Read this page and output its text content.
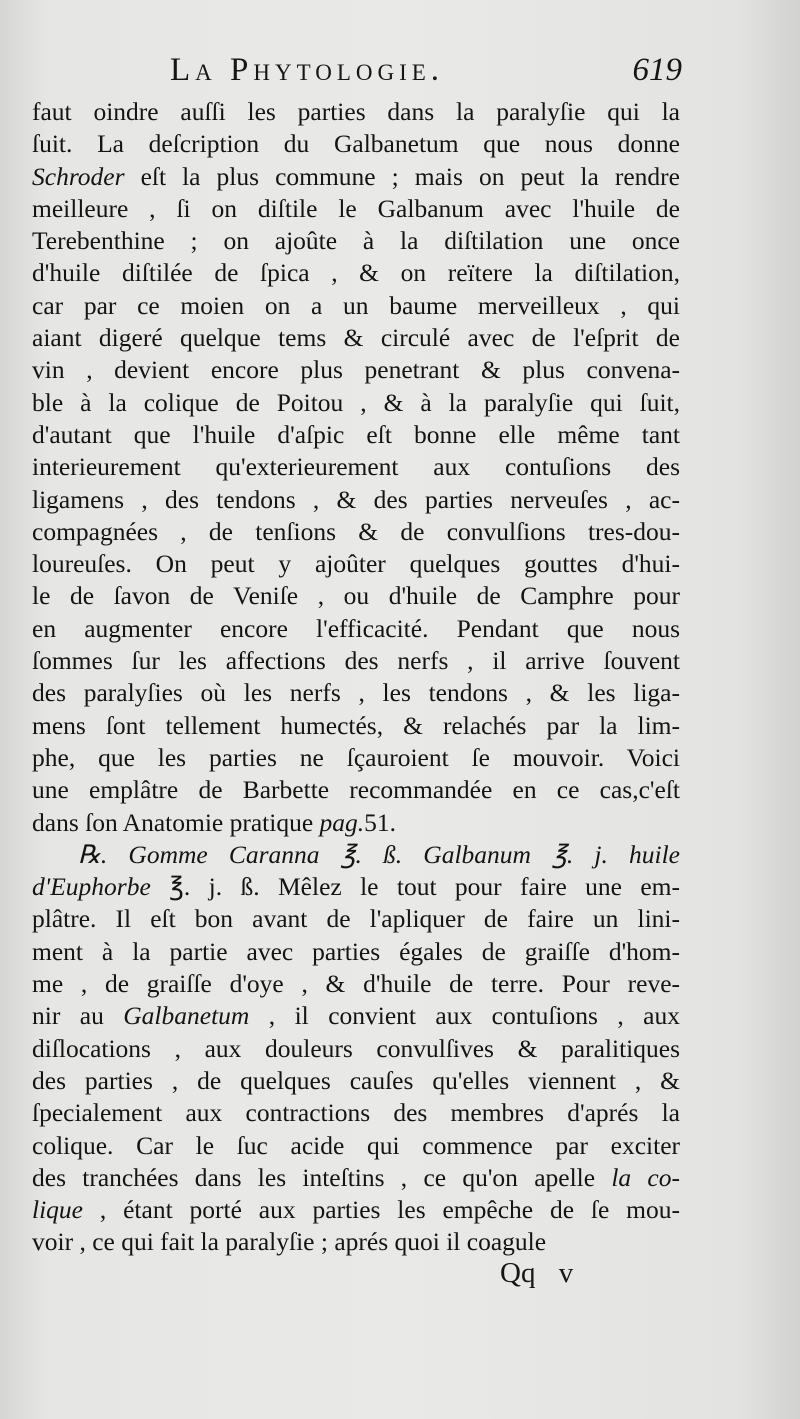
La Phytologie.	619
faut oindre auſſi les parties dans la paralyſie qui la
ſuit. La deſcription du Galbanetum que nous donne
Schroder eſt la plus commune ; mais on peut la rendre
meilleure , ſi on diſtile le Galbanum avec l'huile de
Terebenthine ; on ajoûte à la diſtilation une once
d'huile diſtilée de ſpica , & on reïtere la diſtilation,
car par ce moien on a un baume merveilleux , qui
aiant digeré quelque tems & circulé avec de l'eſprit de
vin , devient encore plus penetrant & plus convena-
ble à la colique de Poitou , & à la paralyſie qui ſuit,
d'autant que l'huile d'aſpic eſt bonne elle même tant
interieurement qu'exterieurement aux contuſions des
ligamens , des tendons , & des parties nerveuſes , ac-
compagnées , de tenſions & de convulſions tres-dou-
loureuſes. On peut y ajoûter quelques gouttes d'hui-
le de ſavon de Veniſe , ou d'huile de Camphre pour
en augmenter encore l'efficacité. Pendant que nous
ſommes ſur les affections des nerfs , il arrive ſouvent
des paralyſies où les nerfs , les tendons , & les liga-
mens ſont tellement humectés, & relachés par la lim-
phe, que les parties ne ſçauroient ſe mouvoir. Voici
une emplâtre de Barbette recommandée en ce cas,c'eſt
dans ſon Anatomie pratique pag.51.
℞. Gomme Caranna ℥. ß. Galbanum ℥. j. huile
d'Euphorbe ℥. j. ß. Mêlez le tout pour faire une em-
plâtre. Il eſt bon avant de l'apliquer de faire un lini-
ment à la partie avec parties égales de graiſſe d'hom-
me , de graiſſe d'oye , & d'huile de terre. Pour reve-
nir au Galbanetum , il convient aux contuſions , aux
diſlocations , aux douleurs convulſives & paralitiques
des parties , de quelques cauſes qu'elles viennent , &
ſpecialement aux contractions des membres d'aprés la
colique. Car le ſuc acide qui commence par exciter
des tranchées dans les inteſtins , ce qu'on apelle la co-
lique , étant porté aux parties les empêche de ſe mou-
voir , ce qui fait la paralyſie ; aprés quoi il coagule
Qq v
